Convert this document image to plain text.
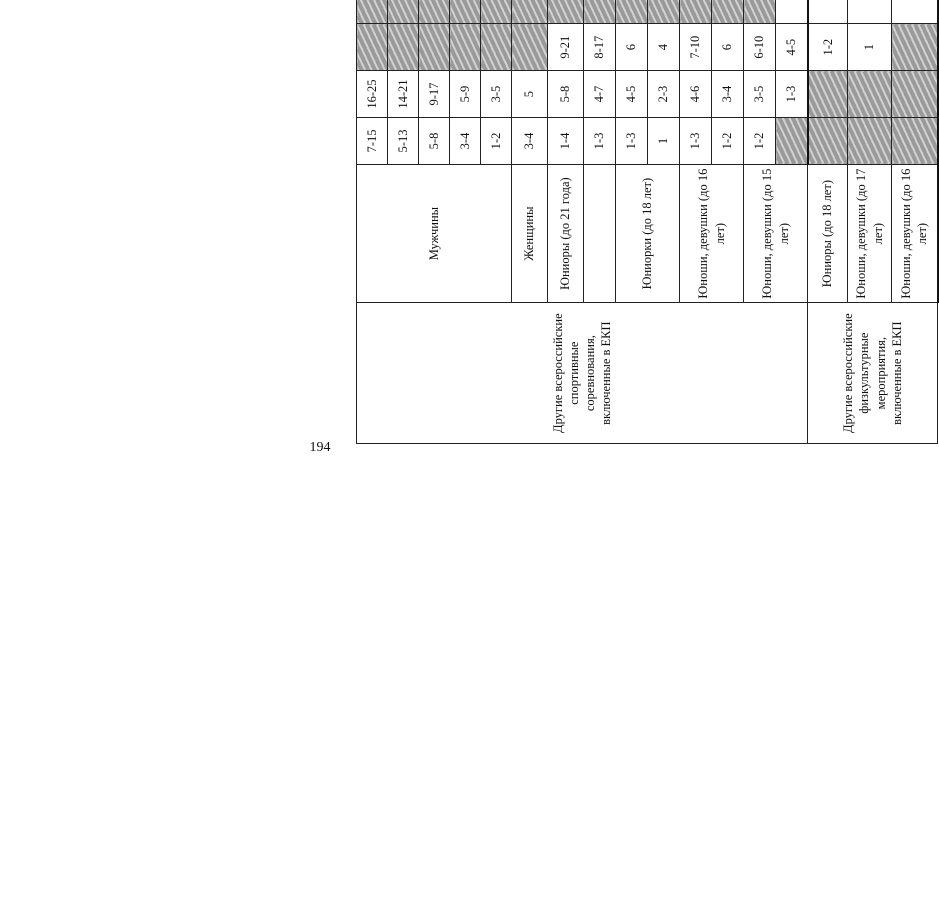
194
Другие всероссийские спортивные соревнования, включенные в ЕКП	Мужчины	7-15	16-25						
		5-13	14-21						
		5-8	9-17						
		3-4	5-9						
		1-2	3-5						
	Женщины	3-4	5						
	Юниоры (до 21 года)	1-4	5-8	9-21					
		1-3	4-7	8-17					
	Юниорки (до 18 лет)	1-3	4-5	6					
		1	2-3	4					
	Юноши, девушки (до 16 лет)	1-3	4-6	7-10					
		1-2	3-4	6					
	Юноши, девушки (до 15 лет)	1-2	3-5	6-10					
			1-3	4-5					
Другие всероссийские физкультурные мероприятия, включенные в ЕКП	Юниоры (до 18 лет)			1-2					
	Юноши, девушки (до 17 лет)			1					
	Юноши, девушки (до 16 лет)								
